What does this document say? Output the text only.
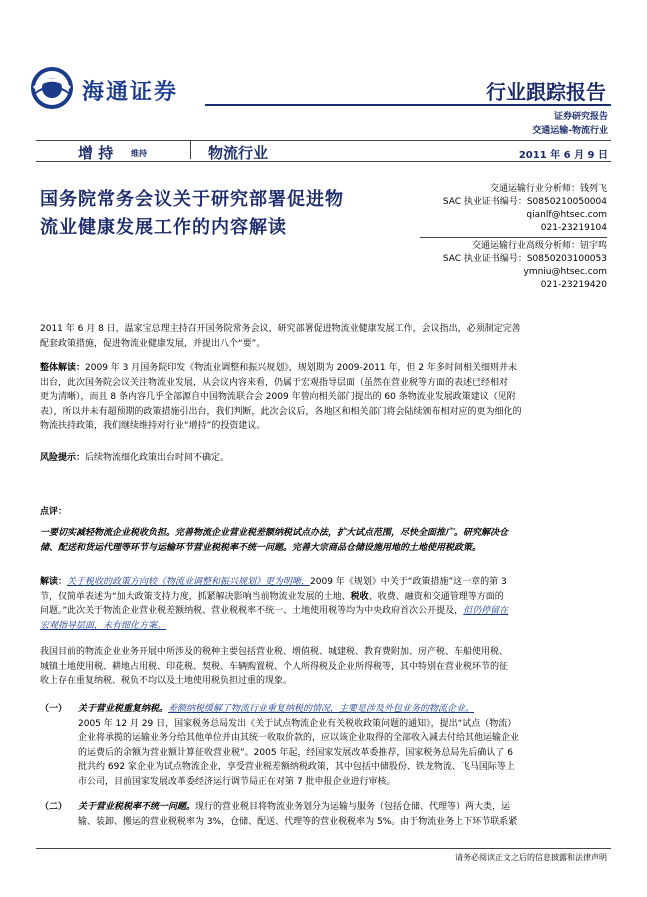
海通证券	行业跟踪报告
证券研究报告
交通运输-物流行业
增 持 维持	物流行业	2011 年 6 月 9 日
国务院常务会议关于研究部署促进物
流业健康发展工作的内容解读
交通运输行业分析师：钱列飞
SAC 执业证书编号：S0850210050004
qianlf@htsec.com
021-23219104
交通运输行业高级分析师：钮宇鸣
SAC 执业证书编号：S0850203100053
ymniu@htsec.com
021-23219420
2011 年 6 月 8 日，温家宝总理主持召开国务院常务会议，研究部署促进物流业健康发展工作，会议指出，必须制定完善
配套政策措施，促进物流业健康发展，并提出八个“要”。
整体解读：2009 年 3 月国务院印发《物流业调整和振兴规划》，规划期为 2009-2011 年，但 2 年多时间相关细则并未
出台，此次国务院会议关注物流业发展，从会议内容来看，仍属于宏观指导层面（虽然在营业税等方面的表述已经相对
更为清晰），而且 8 条内容几乎全部源自中国物流联合会 2009 年曾向相关部门提出的 60 条物流业发展政策建议（见附
表），所以并未有超预期的政策措施引出台，我们判断，此次会议后，各地区和相关部门将会陆续颁布相对应的更为细化的
物流扶持政策，我们继续维持对行业“增持”的投资建议。
风险提示：后续物流细化政策出台时间不确定。
点评：
一要切实减轻物流企业税收负担。完善物流企业营业税差额纳税试点办法，扩大试点范围，尽快全面推广。研究解决仓
储、配送和货运代理等环节与运输环节营业税税率不统一问题。完善大宗商品仓储设施用地的土地使用税政策。
解读：关于税收的政策方向较《物流业调整和振兴规划》更为明晰，2009 年《规划》中关于“政策措施”这一章的第 3
节，仅简单表述为“加大政策支持力度，抓紧解决影响当前物流业发展的土地、税收、收费、融资和交通管理等方面的
问题。”此次关于物流企业营业税差额纳税、营业税税率不统一、土地使用税等均为中央政府首次公开提及，但仍停留在
宏观指导层面，未有细化方案。
我国目前的物流企业业务开展中所涉及的税种主要包括营业税、增值税、城建税、教育费附加、房产税、车船使用税、
城镇土地使用税、耕地占用税、印花税、契税、车辆购置税、个人所得税及企业所得税等，其中特别在营业税环节的征
收上存在重复纳税、税负不均以及土地使用税负担过重的现象。
（一） 关于营业税重复纳税。差额纳税缓解了物流行业重复纳税的情况，主要是涉及外包业务的物流企业。
2005 年 12 月 29 日，国家税务总局发出《关于试点物流企业有关税收政策问题的通知》，提出“试点（物流）
企业将承揽的运输业务分给其他单位并由其统一收取价款的，应以该企业取得的全部收入减去付给其他运输企业
的运费后的余额为营业额计算征收营业税”。2005 年起，经国家发展改革委推荐，国家税务总局先后确认了 6
批共约 692 家企业为试点物流企业，享受营业税差额纳税政策，其中包括中储股份、铁龙物流、飞马国际等上
市公司，目前国家发展改革委经济运行调节局正在对第 7 批申报企业进行审核。
（二） 关于营业税税率不统一问题。现行的营业税目将物流业务划分为运输与服务（包括仓储、代理等）两大类，运
输、装卸、搬运的营业税税率为 3%，仓储、配送、代理等的营业税税率为 5%。由于物流业务上下环节联系紧
请务必阅读正文之后的信息披露和法律声明
